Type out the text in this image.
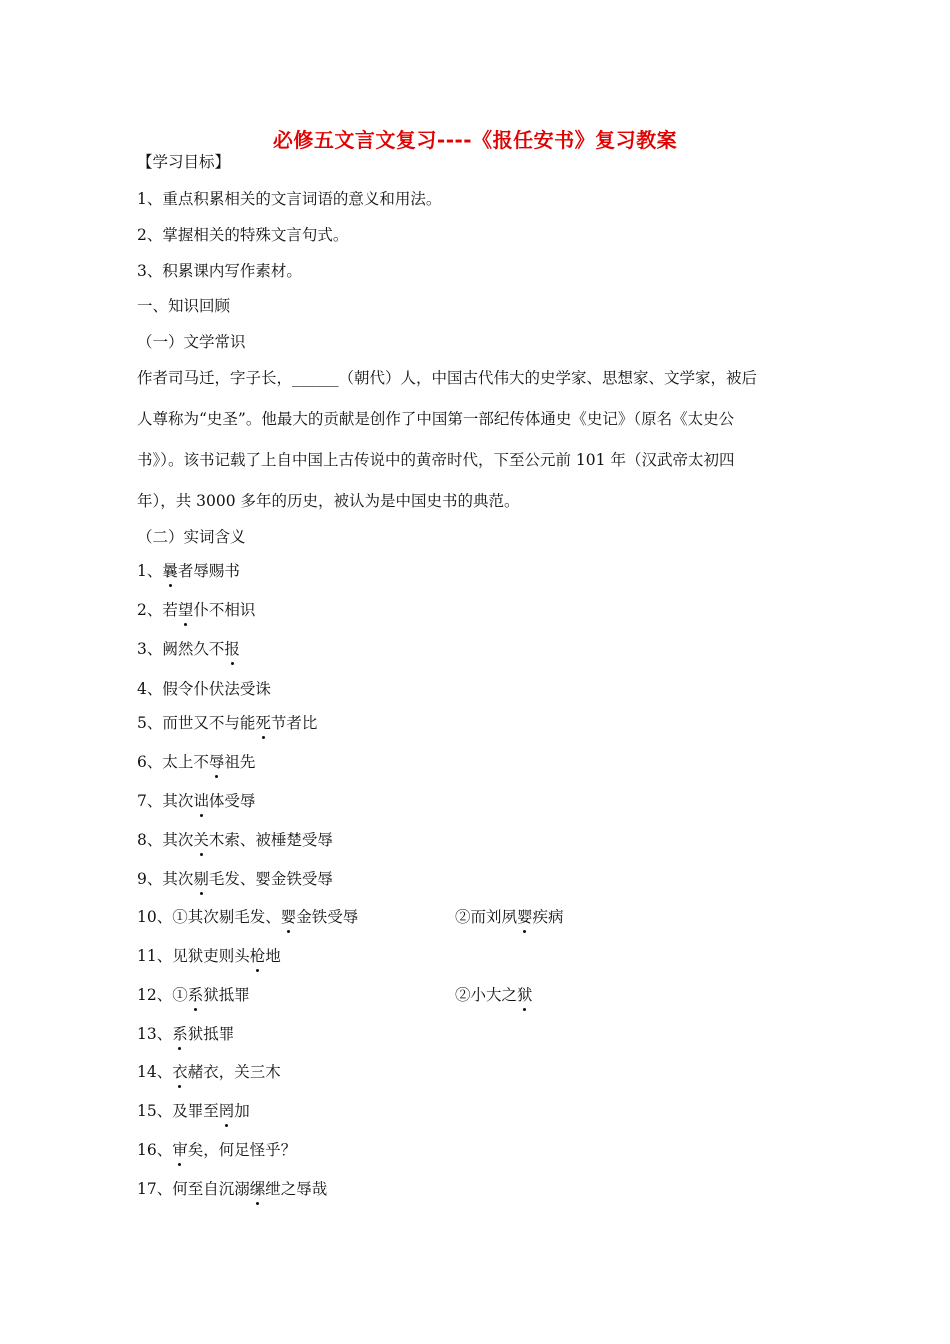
必修五文言文复习----《报任安书》复习教案
【学习目标】
1、重点积累相关的文言词语的意义和用法。
2、掌握相关的特殊文言句式。
3、积累课内写作素材。
一、知识回顾
（一）文学常识
作者司马迁，字子长，______（朝代）人，中国古代伟大的史学家、思想家、文学家，被后
人尊称为“史圣”。他最大的贡献是创作了中国第一部纪传体通史《史记》（原名《太史公
书》）。该书记载了上自中国上古传说中的黄帝时代，下至公元前 101 年（汉武帝太初四
年），共 3000 多年的历史，被认为是中国史书的典范。
（二）实词含义
1、曩者辱赐书
2、若望仆不相识
3、阙然久不报
4、假令仆伏法受诛
5、而世又不与能死节者比
6、太上不辱祖先
7、其次诎体受辱
8、其次关木索、被棰楚受辱
9、其次剔毛发、婴金铁受辱
10、①其次剔毛发、婴金铁受辱	②而刘夙婴疾病
11、见狱吏则头枪地
12、①系狱抵罪	②小大之狱
13、系狱抵罪
14、衣赭衣，关三木
15、及罪至罔加
16、审矣，何足怪乎？
17、何至自沉溺缧绁之辱哉
